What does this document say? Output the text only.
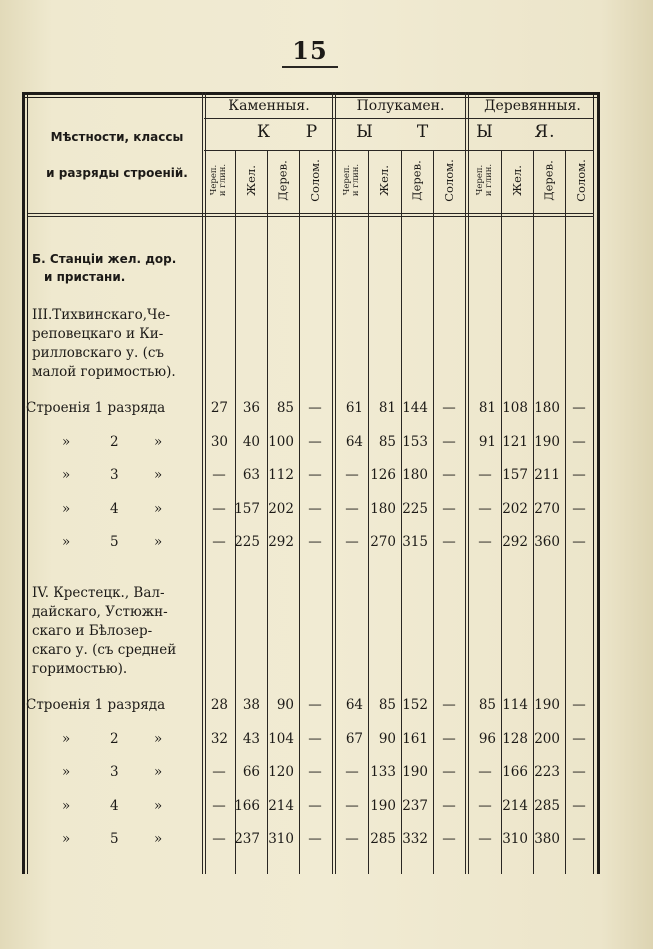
15
Мѣстности, классы
и разряды строеній.
Каменныя.	Полукамен.	Деревянныя.
К Р Ы	Т	Ы Я.
Череп. и глин. Жел. Дерев. Солом. Череп. и глин. Жел. Дерев. Солом. Череп. и глин. Жел. Дерев. Солом.
Б. Станціи жел. дор.
и пристани.
III.Тихвинскаго,Че-
реповецкаго и Ки-
рилловскаго у. (съ
малой горимостью).
IV. Крестецк., Вал-
дайскаго, Устюжн-
скаго и Бѣлозер-
скаго у. (съ средней
горимостью).
Строенія 1 разряда	27	36	85 —	61	81 144 —	81 108 180 —
»	2	»	30	40 100 —	64	85 153 —	91 121 190 —
»	3	»	—	63 112 — — 126 180 — — 157 211 —
»	4	»	— 157 202 — — 180 225 — — 202 270 —
»	5	»	— 225 292 — — 270 315 — — 292 360 —
Строенія 1 разряда	28	38	90 —	64	85 152 —	85 114 190 —
»	2	»	32	43 104 —	67	90 161 —	96 128 200 —
»	3	»	—	66 120 — — 133 190 — — 166 223 —
»	4	»	— 166 214 — — 190 237 — — 214 285 —
»	5	»	— 237 310 — — 285 332 — — 310 380 —
